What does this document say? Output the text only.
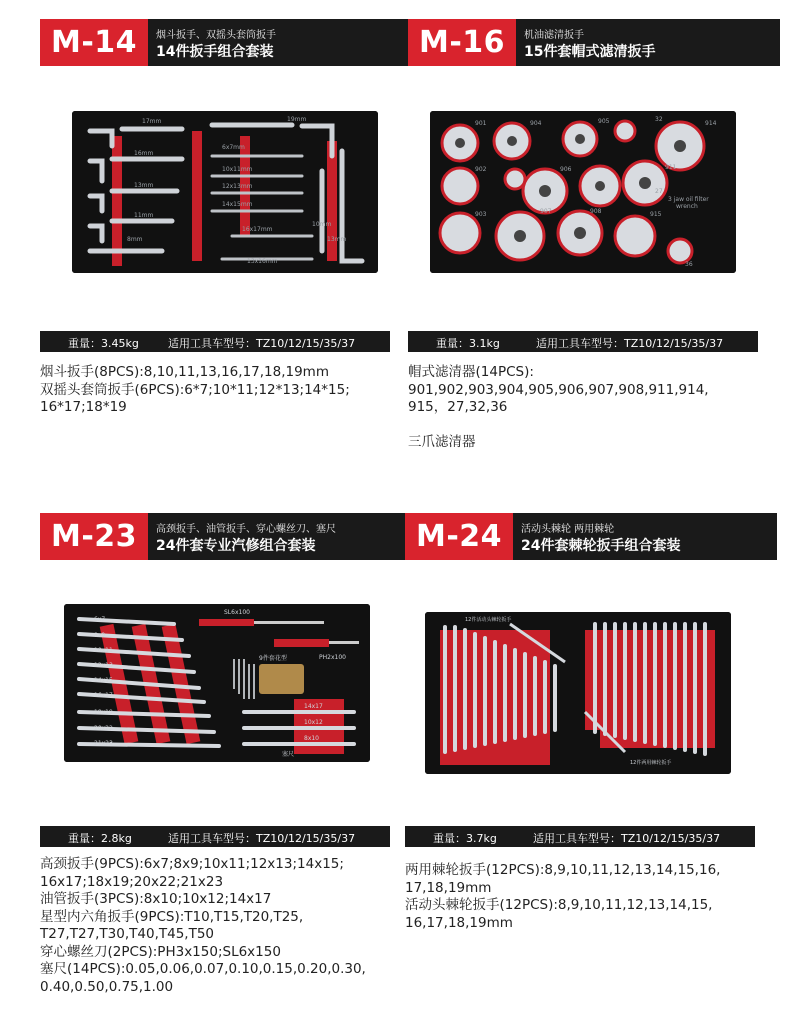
M-14	烟斗扳手、双摇头套筒扳手
14件扳手组合套装
17mm	19mm
16mm
6x7mm
13mm
10x11mm
11mm
12x13mm
8mm
14x15mm
16x17mm
10mm
13x16mm
13mm
重量：3.45kg	适用工具车型号：TZ10/12/15/35/37
烟斗扳手(8PCS):8,10,11,13,16,17,18,19mm
双摇头套筒扳手(6PCS):6*7;10*11;12*13;14*15;
16*17;18*19
M-16	机油滤清扳手
15件套帽式滤清扳手
901	904	905	32
914
902	906	911
3 jaw oil filter
wrench
903	907	908	915
27
36
重量：3.1kg	适用工具车型号：TZ10/12/15/35/37
帽式滤清器(14PCS):
901,902,903,904,905,906,907,908,911,914,
915，27,32,36
三爪滤清器
M-23	高颈扳手、油管扳手、穿心螺丝刀、塞尺
24件套专业汽修组合套装
SL6x100
PH2x100
6x7
8x9
10x11
12x13
14x15
16x17
18x19
20x22
21x23
9件套花型
14x17
10x12
8x10
塞尺
重量：2.8kg	适用工具车型号：TZ10/12/15/35/37
高颈扳手(9PCS):6x7;8x9;10x11;12x13;14x15;
16x17;18x19;20x22;21x23
油管扳手(3PCS):8x10;10x12;14x17
星型内六角扳手(9PCS):T10,T15,T20,T25,
T27,T27,T30,T40,T45,T50
穿心螺丝刀(2PCS):PH3x150;SL6x150
塞尺(14PCS):0.05,0.06,0.07,0.10,0.15,0.20,0.30,
0.40,0.50,0.75,1.00
M-24	活动头棘轮 两用棘轮
24件套棘轮扳手组合套装
12件活动头棘轮扳手
12件两用棘轮扳手
重量：3.7kg	适用工具车型号：TZ10/12/15/35/37
两用棘轮扳手(12PCS):8,9,10,11,12,13,14,15,16,
17,18,19mm
活动头棘轮扳手(12PCS):8,9,10,11,12,13,14,15,
16,17,18,19mm
